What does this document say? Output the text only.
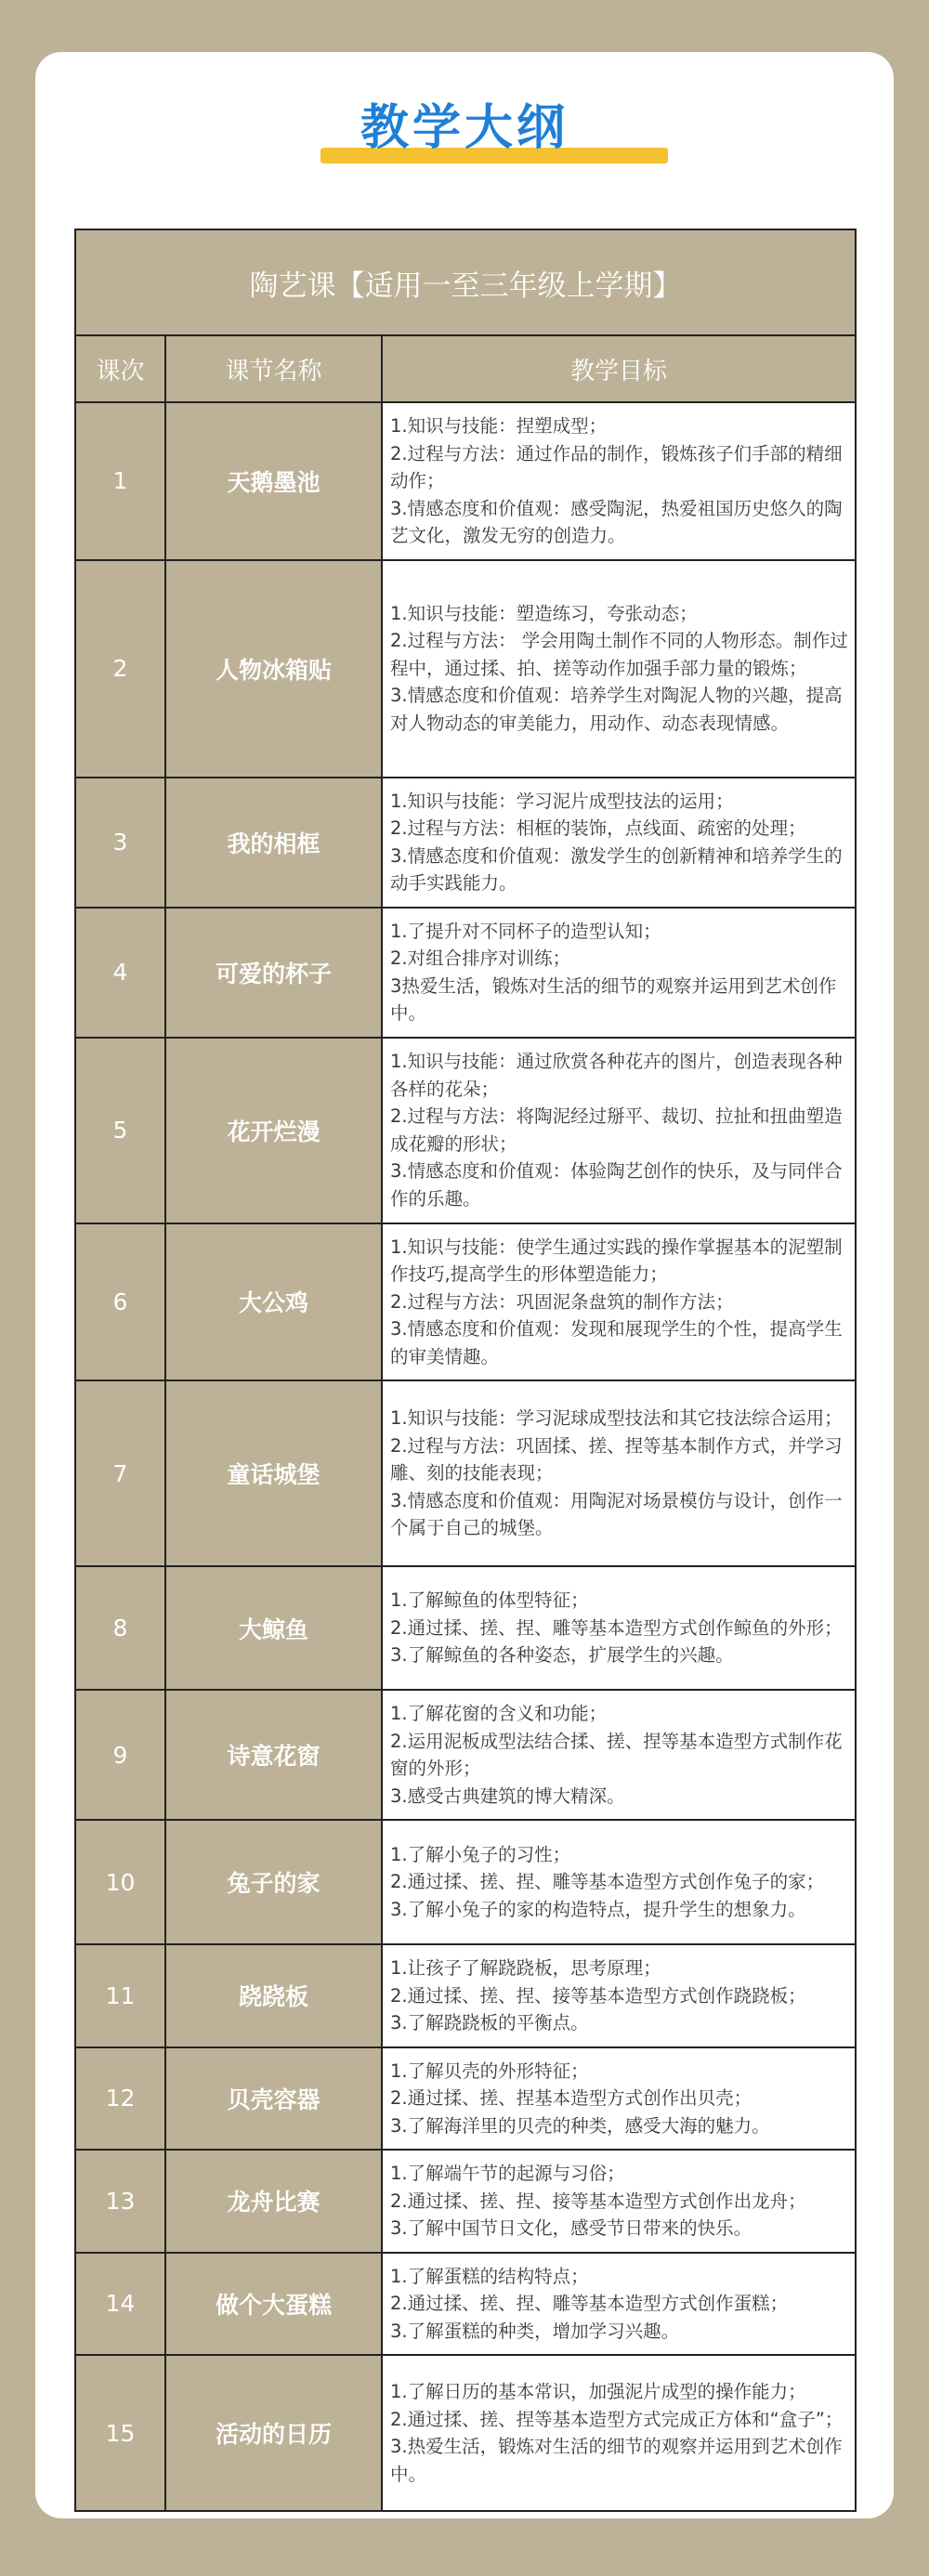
教学大纲
陶艺课【适用一至三年级上学期】		
课次	课节名称	教学目标
1	天鹅墨池	1.知识与技能：捏塑成型；
2.过程与方法：通过作品的制作，锻炼孩子们手部的精细动作；
3.情感态度和价值观：感受陶泥，热爱祖国历史悠久的陶艺文化，激发无穷的创造力。
2	人物冰箱贴	1.知识与技能：塑造练习，夸张动态；
2.过程与方法： 学会用陶土制作不同的人物形态。制作过程中，通过揉、拍、搓等动作加强手部力量的锻炼；
3.情感态度和价值观：培养学生对陶泥人物的兴趣，提高对人物动态的审美能力，用动作、动态表现情感。
3	我的相框	1.知识与技能：学习泥片成型技法的运用；
2.过程与方法：相框的装饰，点线面、疏密的处理；
3.情感态度和价值观：激发学生的创新精神和培养学生的动手实践能力。
4	可爱的杯子	1.了提升对不同杯子的造型认知；
2.对组合排序对训练；
3热爱生活，锻炼对生活的细节的观察并运用到艺术创作中。
5	花开烂漫	1.知识与技能：通过欣赏各种花卉的图片，创造表现各种各样的花朵；
2.过程与方法：将陶泥经过掰平、裁切、拉扯和扭曲塑造成花瓣的形状；
3.情感态度和价值观：体验陶艺创作的快乐，及与同伴合作的乐趣。
6	大公鸡	1.知识与技能：使学生通过实践的操作掌握基本的泥塑制作技巧,提高学生的形体塑造能力；
2.过程与方法：巩固泥条盘筑的制作方法；
3.情感态度和价值观：发现和展现学生的个性，提高学生的审美情趣。
7	童话城堡	1.知识与技能：学习泥球成型技法和其它技法综合运用；
2.过程与方法：巩固揉、搓、捏等基本制作方式，并学习雕、刻的技能表现；
3.情感态度和价值观：用陶泥对场景模仿与设计，创作一个属于自己的城堡。
8	大鲸鱼	1.了解鲸鱼的体型特征；
2.通过揉、搓、捏、雕等基本造型方式创作鲸鱼的外形；
3.了解鲸鱼的各种姿态，扩展学生的兴趣。
9	诗意花窗	1.了解花窗的含义和功能；
2.运用泥板成型法结合揉、搓、捏等基本造型方式制作花窗的外形；
3.感受古典建筑的博大精深。
10	兔子的家	1.了解小兔子的习性；
2.通过揉、搓、捏、雕等基本造型方式创作兔子的家；
3.了解小兔子的家的构造特点，提升学生的想象力。
11	跷跷板	1.让孩子了解跷跷板，思考原理；
2.通过揉、搓、捏、接等基本造型方式创作跷跷板；
3.了解跷跷板的平衡点。
12	贝壳容器	1.了解贝壳的外形特征；
2.通过揉、搓、捏基本造型方式创作出贝壳；
3.了解海洋里的贝壳的种类，感受大海的魅力。
13	龙舟比赛	1.了解端午节的起源与习俗；
2.通过揉、搓、捏、接等基本造型方式创作出龙舟；
3.了解中国节日文化，感受节日带来的快乐。
14	做个大蛋糕	1.了解蛋糕的结构特点；
2.通过揉、搓、捏、雕等基本造型方式创作蛋糕；
3.了解蛋糕的种类，增加学习兴趣。
15	活动的日历	1.了解日历的基本常识，加强泥片成型的操作能力；
2.通过揉、搓、捏等基本造型方式完成正方体和“盒子”；
3.热爱生活，锻炼对生活的细节的观察并运用到艺术创作中。
